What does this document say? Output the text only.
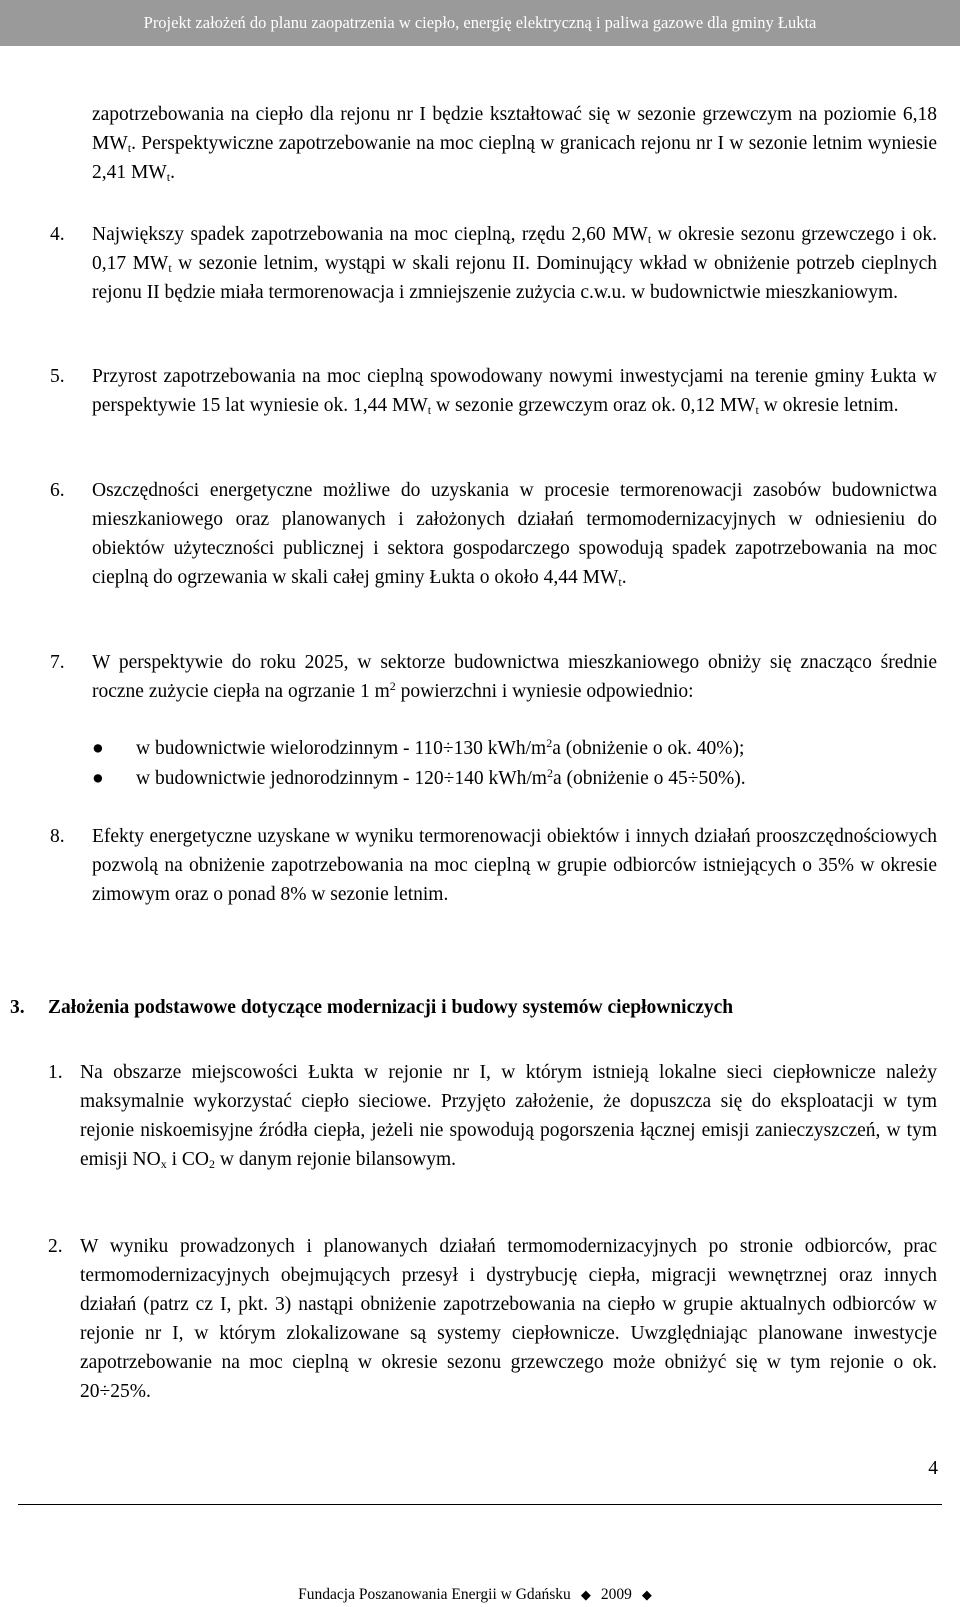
Projekt założeń do planu zaopatrzenia w ciepło, energię elektryczną i paliwa gazowe dla gminy Łukta
zapotrzebowania na ciepło dla rejonu nr I będzie kształtować się w sezonie grzewczym na poziomie 6,18 $MW_t$. Perspektywiczne zapotrzebowanie na moc cieplną w granicach rejonu nr I w sezonie letnim wyniesie 2,41 $MW_t$.
4. Największy spadek zapotrzebowania na moc cieplną, rzędu 2,60 $MW_t$ w okresie sezonu grzewczego i ok. 0,17 $MW_t$ w sezonie letnim, wystąpi w skali rejonu II. Dominujący wkład w obniżenie potrzeb cieplnych rejonu II będzie miała termorenowacja i zmniejszenie zużycia c.w.u. w budownictwie mieszkaniowym.
5. Przyrost zapotrzebowania na moc cieplną spowodowany nowymi inwestycjami na terenie gminy Łukta w perspektywie 15 lat wyniesie ok. 1,44 $MW_t$ w sezonie grzewczym oraz ok. 0,12 $MW_t$ w okresie letnim.
6. Oszczędności energetyczne możliwe do uzyskania w procesie termorenowacji zasobów budownictwa mieszkaniowego oraz planowanych i założonych działań termomodernizacyjnych w odniesieniu do obiektów użyteczności publicznej i sektora gospodarczego spowodują spadek zapotrzebowania na moc cieplną do ogrzewania w skali całej gminy Łukta o około 4,44 $MW_t$.
7. W perspektywie do roku 2025, w sektorze budownictwa mieszkaniowego obniży się znacząco średnie roczne zużycie ciepła na ogrzanie 1 $m^2$ powierzchni i wyniesie odpowiednio:
● w budownictwie wielorodzinnym - 110÷130 kWh/$m^2a$ (obniżenie o ok. 40%);
● w budownictwie jednorodzinnym - 120÷140 kWh/$m^2a$ (obniżenie o 45÷50%).
8. Efekty energetyczne uzyskane w wyniku termorenowacji obiektów i innych działań prooszczędnościowych pozwolą na obniżenie zapotrzebowania na moc cieplną w grupie odbiorców istniejących o 35% w okresie zimowym oraz o ponad 8% w sezonie letnim.
3. Założenia podstawowe dotyczące modernizacji i budowy systemów ciepłowniczych
1. Na obszarze miejscowości Łukta w rejonie nr I, w którym istnieją lokalne sieci ciepłownicze należy maksymalnie wykorzystać ciepło sieciowe. Przyjęto założenie, że dopuszcza się do eksploatacji w tym rejonie niskoemisyjne źródła ciepła, jeżeli nie spowodują pogorszenia łącznej emisji zanieczyszczeń, w tym emisji $NO_x$ i $CO_2$ w danym rejonie bilansowym.
2. W wyniku prowadzonych i planowanych działań termomodernizacyjnych po stronie odbiorców, prac termomodernizacyjnych obejmujących przesył i dystrybucję ciepła, migracji wewnętrznej oraz innych działań (patrz cz I, pkt. 3) nastąpi obniżenie zapotrzebowania na ciepło w grupie aktualnych odbiorców w rejonie nr I, w którym zlokalizowane są systemy ciepłownicze. Uwzględniając planowane inwestycje zapotrzebowanie na moc cieplną w okresie sezonu grzewczego może obniżyć się w tym rejonie o ok. 20÷25%.
4
Fundacja Poszanowania Energii w Gdańsku ◆ 2009 ◆
